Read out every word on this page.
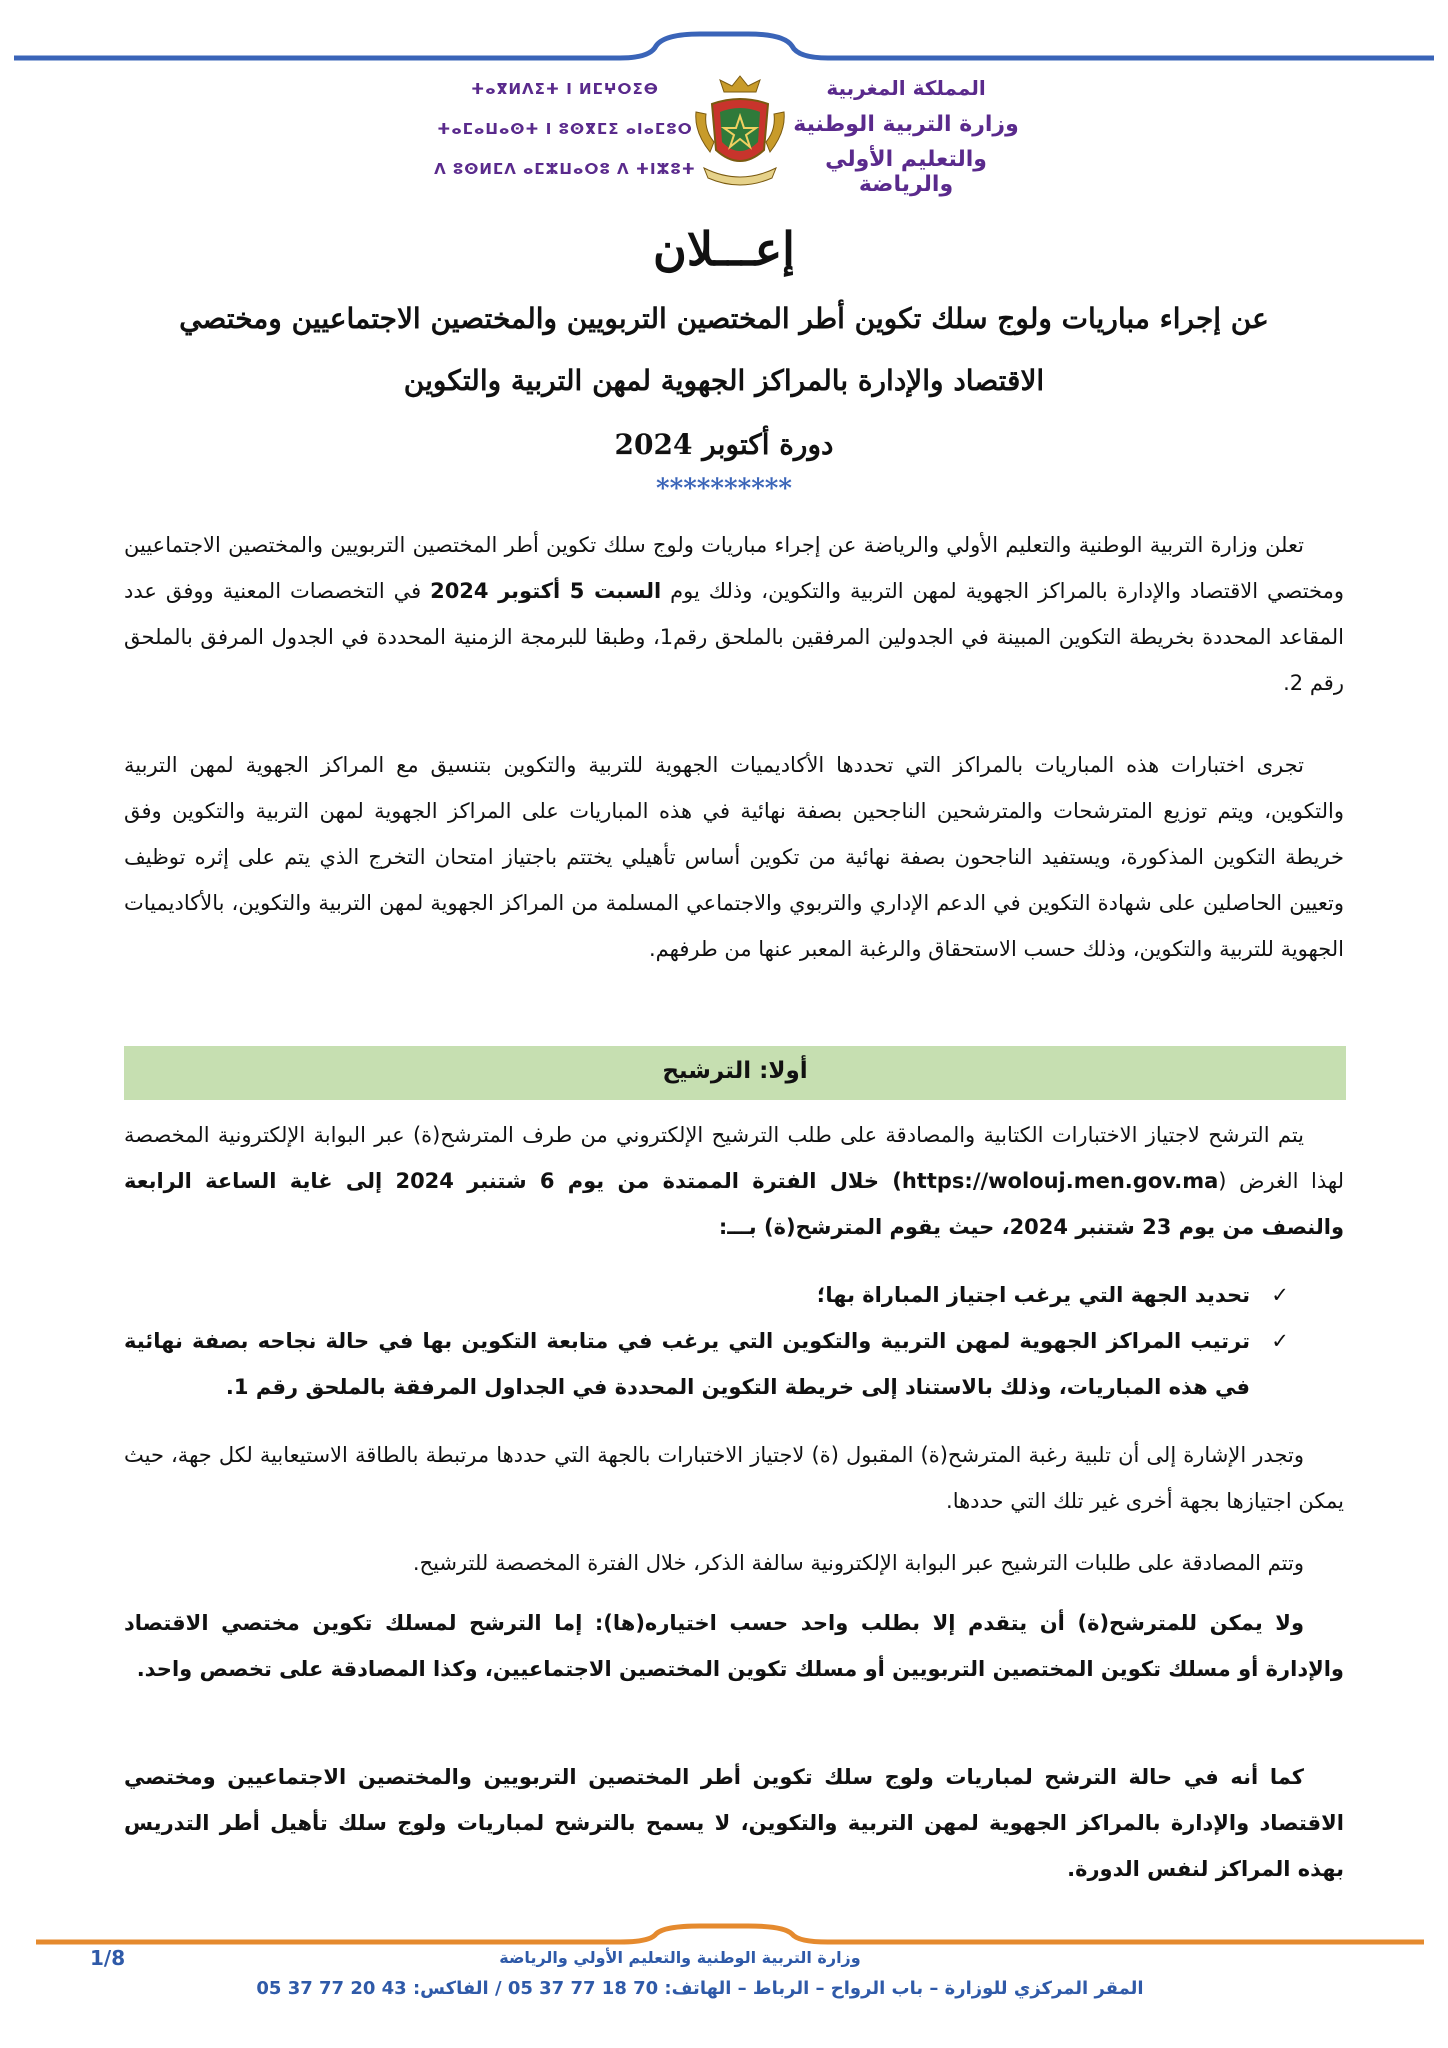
المملكة المغربية
وزارة التربية الوطنية
والتعليم الأولي والرياضة
ⵜⴰⴳⵍⴷⵉⵜ ⵏ ⵍⵎⵖⵔⵉⴱ
ⵜⴰⵎⴰⵡⴰⵙⵜ ⵏ ⵓⵙⴳⵎⵉ ⴰⵏⴰⵎⵓⵔ
ⴷ ⵓⵙⵍⵎⴷ ⴰⵎⵣⵡⴰⵔⵓ ⴷ ⵜⵏⵣⵓⵜ
إعـــلان
عن إجراء مباريات ولوج سلك تكوين أطر المختصين التربويين والمختصين الاجتماعيين ومختصي
الاقتصاد والإدارة بالمراكز الجهوية لمهن التربية والتكوين
دورة أكتوبر 2024
**********

تعلن وزارة التربية الوطنية والتعليم الأولي والرياضة عن إجراء مباريات ولوج سلك تكوين أطر المختصين التربويين والمختصين الاجتماعيين ومختصي الاقتصاد والإدارة بالمراكز الجهوية لمهن التربية والتكوين، وذلك يوم السبت 5 أكتوبر 2024 في التخصصات المعنية ووفق عدد المقاعد المحددة بخريطة التكوين المبينة في الجدولين المرفقين بالملحق رقم1، وطبقا للبرمجة الزمنية المحددة في الجدول المرفق بالملحق رقم 2.

تجرى اختبارات هذه المباريات بالمراكز التي تحددها الأكاديميات الجهوية للتربية والتكوين بتنسيق مع المراكز الجهوية لمهن التربية والتكوين، ويتم توزيع المترشحات والمترشحين الناجحين بصفة نهائية في هذه المباريات على المراكز الجهوية لمهن التربية والتكوين وفق خريطة التكوين المذكورة، ويستفيد الناجحون بصفة نهائية من تكوين أساس تأهيلي يختتم باجتياز امتحان التخرج الذي يتم على إثره توظيف وتعيين الحاصلين على شهادة التكوين في الدعم الإداري والتربوي والاجتماعي المسلمة من المراكز الجهوية لمهن التربية والتكوين، بالأكاديميات الجهوية للتربية والتكوين، وذلك حسب الاستحقاق والرغبة المعبر عنها من طرفهم.

أولا: الترشيح

يتم الترشح لاجتياز الاختبارات الكتابية والمصادقة على طلب الترشيح الإلكتروني من طرف المترشح(ة) عبر البوابة الإلكترونية المخصصة لهذا الغرض (https://wolouj.men.gov.ma) خلال الفترة الممتدة من يوم 6 شتنبر 2024 إلى غاية الساعة الرابعة والنصف من يوم 23 شتنبر 2024، حيث يقوم المترشح(ة) بـــ:

✓
تحديد الجهة التي يرغب اجتياز المباراة بها؛
✓
ترتيب المراكز الجهوية لمهن التربية والتكوين التي يرغب في متابعة التكوين بها في حالة نجاحه بصفة نهائية في هذه المباريات، وذلك بالاستناد إلى خريطة التكوين المحددة في الجداول المرفقة بالملحق رقم 1.

وتجدر الإشارة إلى أن تلبية رغبة المترشح(ة) المقبول (ة) لاجتياز الاختبارات بالجهة التي حددها مرتبطة بالطاقة الاستيعابية لكل جهة، حيث يمكن اجتيازها بجهة أخرى غير تلك التي حددها.

وتتم المصادقة على طلبات الترشيح عبر البوابة الإلكترونية سالفة الذكر، خلال الفترة المخصصة للترشيح.

ولا يمكن للمترشح(ة) أن يتقدم إلا بطلب واحد حسب اختياره(ها): إما الترشح لمسلك تكوين مختصي الاقتصاد والإدارة أو مسلك تكوين المختصين التربويين أو مسلك تكوين المختصين الاجتماعيين، وكذا المصادقة على تخصص واحد.

كما أنه في حالة الترشح لمباريات ولوج سلك تكوين أطر المختصين التربويين والمختصين الاجتماعيين ومختصي الاقتصاد والإدارة بالمراكز الجهوية لمهن التربية والتكوين، لا يسمح بالترشح لمباريات ولوج سلك تأهيل أطر التدريس بهذه المراكز لنفس الدورة.

وزارة التربية الوطنية والتعليم الأولي والرياضة
1/8
المقر المركزي للوزارة – باب الرواح – الرباط – الهاتف: 05 37 77 18 70 / الفاكس: 05 37 77 20 43
